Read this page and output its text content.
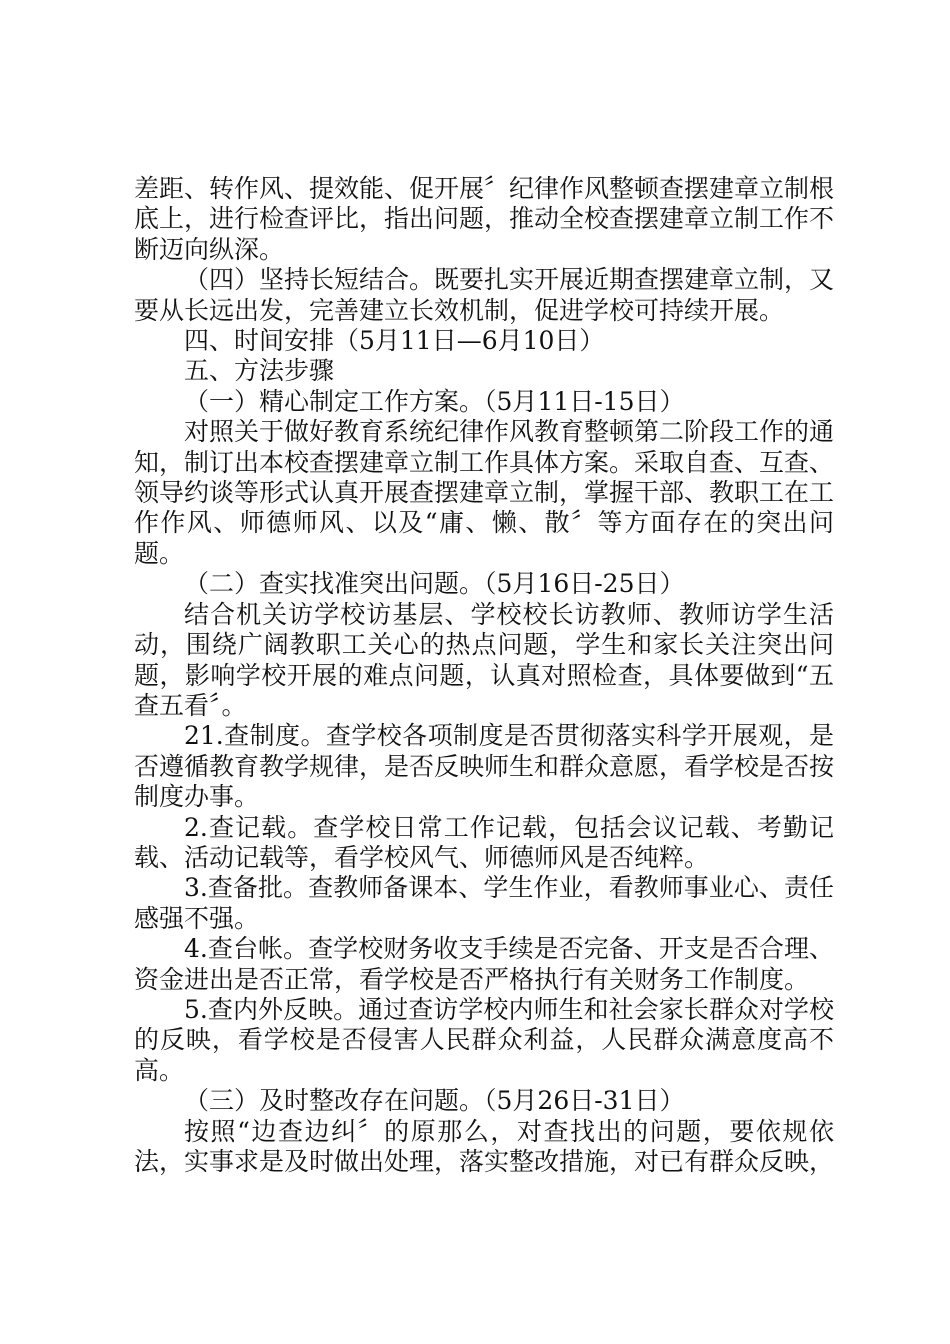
差距、转作风、提效能、促开展〞纪律作风整顿查摆建章立制根底上，进行检查评比，指出问题，推动全校查摆建章立制工作不断迈向纵深。

（四）坚持长短结合。既要扎实开展近期查摆建章立制，又要从长远出发，完善建立长效机制，促进学校可持续开展。

四、时间安排（5月11日—6月10日）

五、方法步骤

（一）精心制定工作方案。（5月11日-15日）

对照关于做好教育系统纪律作风教育整顿第二阶段工作的通知，制订出本校查摆建章立制工作具体方案。采取自查、互查、领导约谈等形式认真开展查摆建章立制，掌握干部、教职工在工作作风、师德师风、以及“庸、懒、散〞等方面存在的突出问题。

（二）查实找准突出问题。（5月16日-25日）

结合机关访学校访基层、学校校长访教师、教师访学生活动，围绕广阔教职工关心的热点问题，学生和家长关注突出问题，影响学校开展的难点问题，认真对照检查，具体要做到“五查五看〞。

21.查制度。查学校各项制度是否贯彻落实科学开展观，是否遵循教育教学规律，是否反映师生和群众意愿，看学校是否按制度办事。

2.查记载。查学校日常工作记载，包括会议记载、考勤记载、活动记载等，看学校风气、师德师风是否纯粹。

3.查备批。查教师备课本、学生作业，看教师事业心、责任感强不强。

4.查台帐。查学校财务收支手续是否完备、开支是否合理、资金进出是否正常，看学校是否严格执行有关财务工作制度。

5.查内外反映。通过查访学校内师生和社会家长群众对学校的反映，看学校是否侵害人民群众利益，人民群众满意度高不高。

（三）及时整改存在问题。（5月26日-31日）

按照“边查边纠〞的原那么，对查找出的问题，要依规依法，实事求是及时做出处理，落实整改措施，对已有群众反映，
